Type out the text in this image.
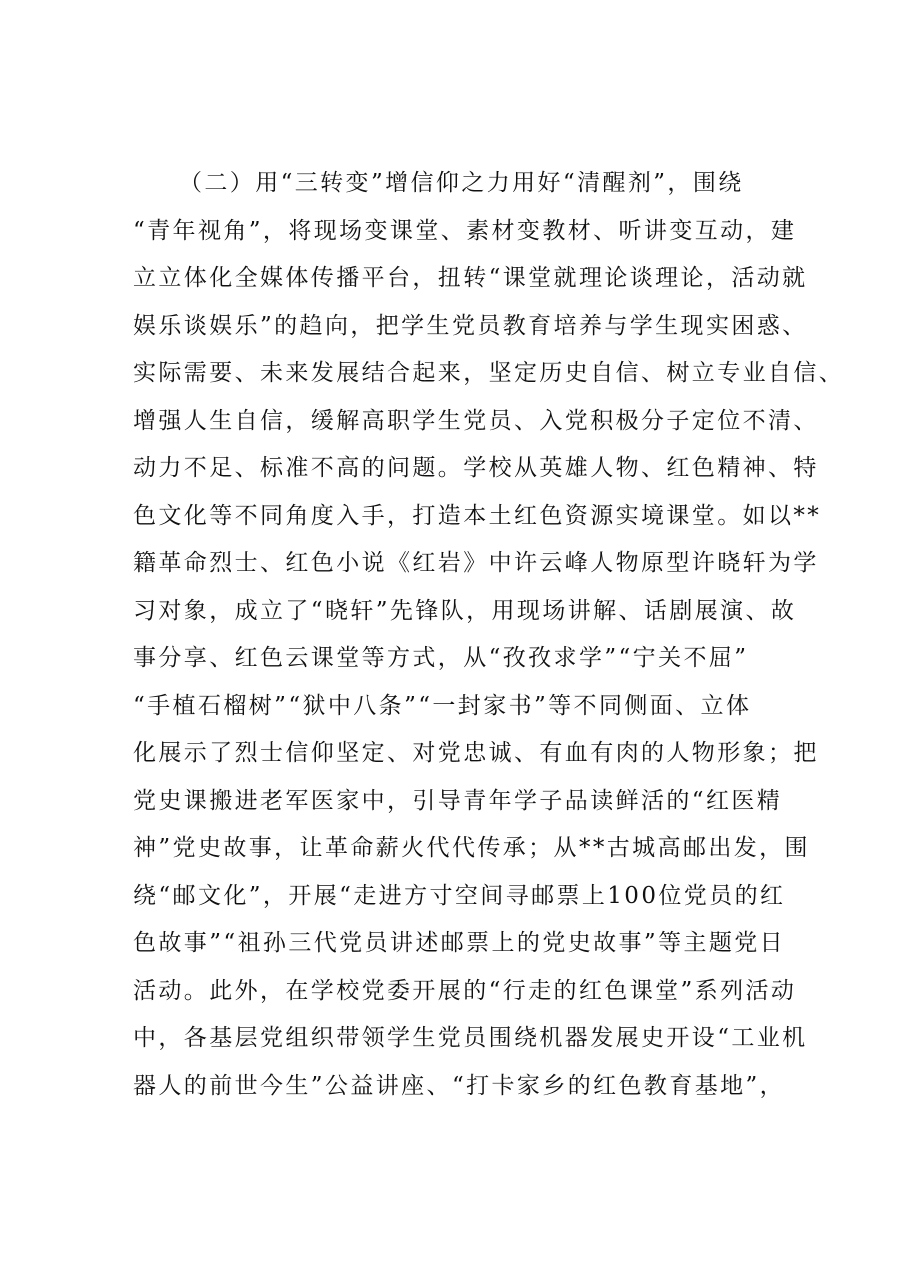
（二）用“三转变”增信仰之力用好“清醒剂”，围绕
“青年视角”，将现场变课堂、素材变教材、听讲变互动，建
立立体化全媒体传播平台，扭转“课堂就理论谈理论，活动就
娱乐谈娱乐”的趋向，把学生党员教育培养与学生现实困惑、
实际需要、未来发展结合起来，坚定历史自信、树立专业自信、
增强人生自信，缓解高职学生党员、入党积极分子定位不清、
动力不足、标准不高的问题。学校从英雄人物、红色精神、特
色文化等不同角度入手，打造本土红色资源实境课堂。如以**
籍革命烈士、红色小说《红岩》中许云峰人物原型许晓轩为学
习对象，成立了“晓轩”先锋队，用现场讲解、话剧展演、故
事分享、红色云课堂等方式，从“孜孜求学”“宁关不屈”
“手植石榴树”“狱中八条”“一封家书”等不同侧面、立体
化展示了烈士信仰坚定、对党忠诚、有血有肉的人物形象；把
党史课搬进老军医家中，引导青年学子品读鲜活的“红医精
神”党史故事，让革命薪火代代传承；从**古城高邮出发，围
绕“邮文化”，开展“走进方寸空间寻邮票上100位党员的红
色故事”“祖孙三代党员讲述邮票上的党史故事”等主题党日
活动。此外，在学校党委开展的“行走的红色课堂”系列活动
中，各基层党组织带领学生党员围绕机器发展史开设“工业机
器人的前世今生”公益讲座、“打卡家乡的红色教育基地”，
